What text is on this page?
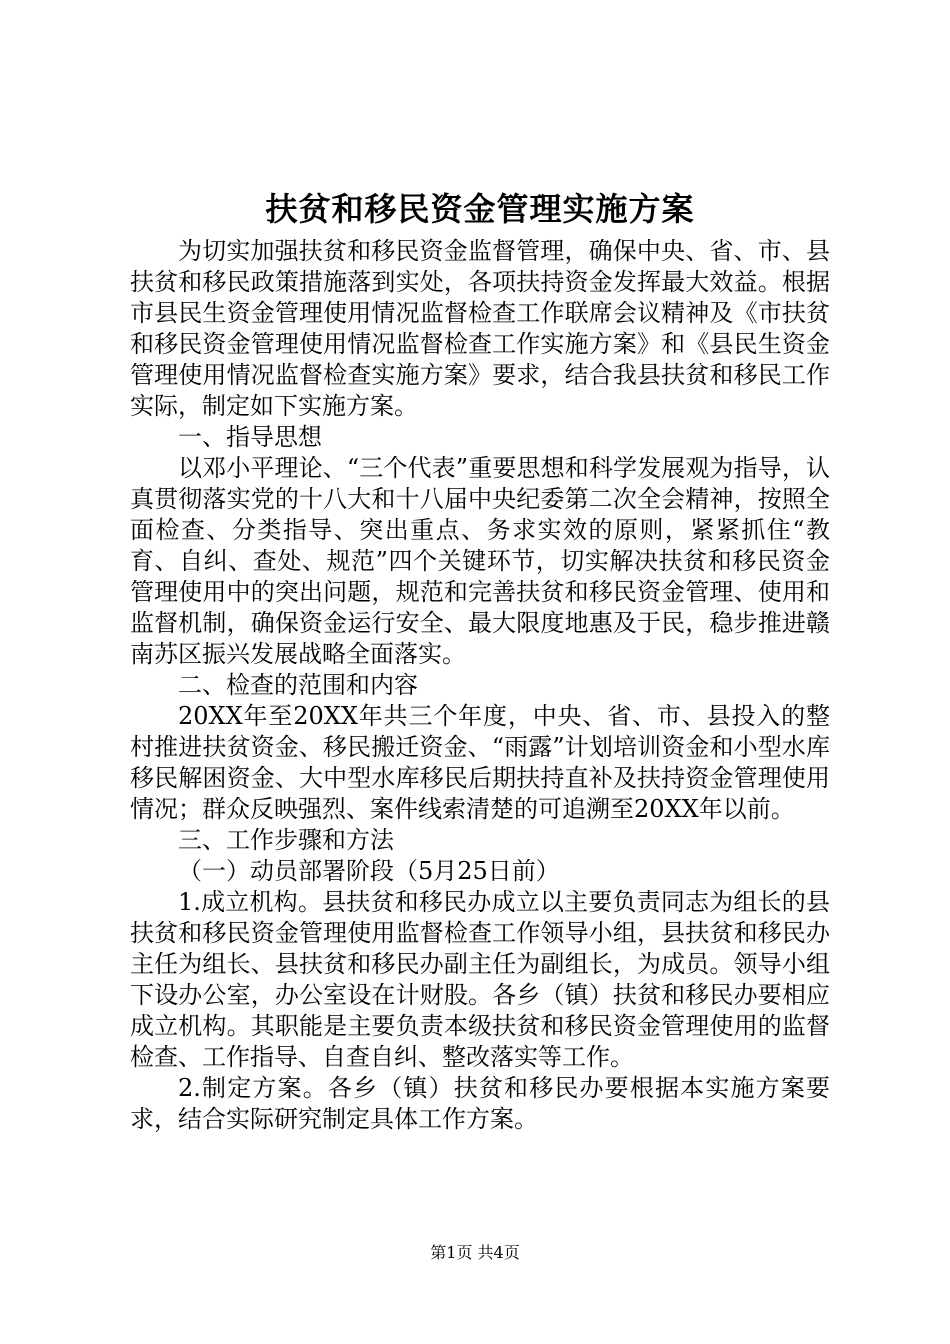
扶贫和移民资金管理实施方案

为切实加强扶贫和移民资金监督管理，确保中央、省、市、县扶贫和移民政策措施落到实处，各项扶持资金发挥最大效益。根据市县民生资金管理使用情况监督检查工作联席会议精神及《市扶贫和移民资金管理使用情况监督检查工作实施方案》和《县民生资金管理使用情况监督检查实施方案》要求，结合我县扶贫和移民工作实际，制定如下实施方案。

一、指导思想

以邓小平理论、“三个代表”重要思想和科学发展观为指导，认真贯彻落实党的十八大和十八届中央纪委第二次全会精神，按照全面检查、分类指导、突出重点、务求实效的原则，紧紧抓住“教育、自纠、查处、规范”四个关键环节，切实解决扶贫和移民资金管理使用中的突出问题，规范和完善扶贫和移民资金管理、使用和监督机制，确保资金运行安全、最大限度地惠及于民，稳步推进赣南苏区振兴发展战略全面落实。

二、检查的范围和内容

20XX年至20XX年共三个年度，中央、省、市、县投入的整村推进扶贫资金、移民搬迁资金、“雨露”计划培训资金和小型水库移民解困资金、大中型水库移民后期扶持直补及扶持资金管理使用情况；群众反映强烈、案件线索清楚的可追溯至20XX年以前。

三、工作步骤和方法

（一）动员部署阶段（5月25日前）

1.成立机构。县扶贫和移民办成立以主要负责同志为组长的县扶贫和移民资金管理使用监督检查工作领导小组，县扶贫和移民办主任为组长、县扶贫和移民办副主任为副组长，为成员。领导小组下设办公室，办公室设在计财股。各乡（镇）扶贫和移民办要相应成立机构。其职能是主要负责本级扶贫和移民资金管理使用的监督检查、工作指导、自查自纠、整改落实等工作。

2.制定方案。各乡（镇）扶贫和移民办要根据本实施方案要求，结合实际研究制定具体工作方案。

第1页 共4页
